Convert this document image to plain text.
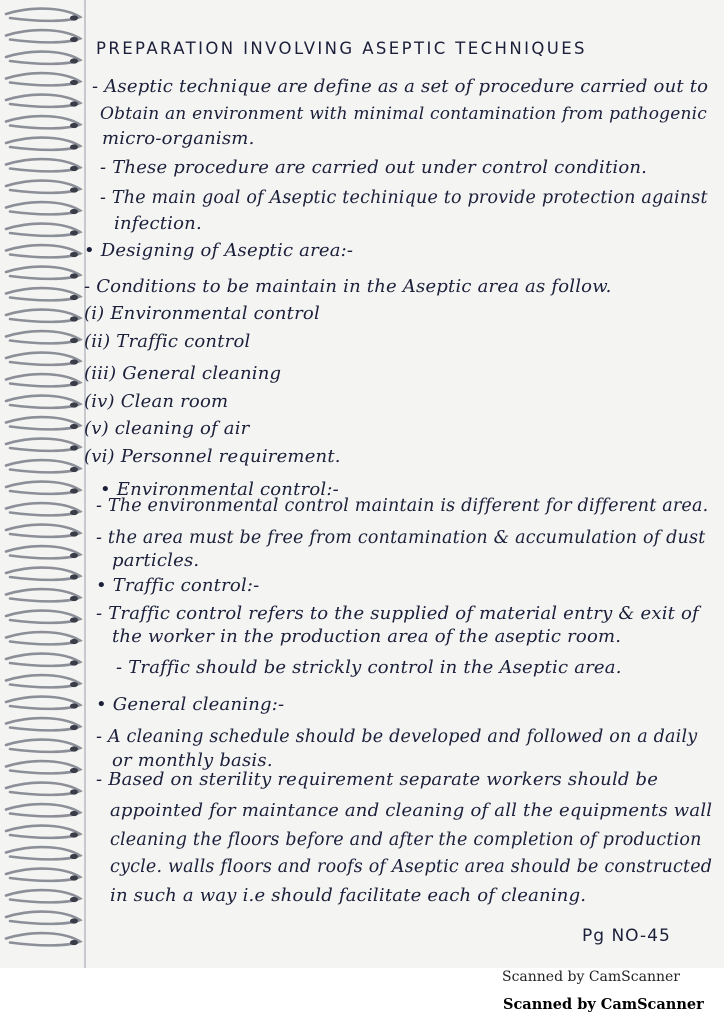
PREPARATION INVOLVING ASEPTIC TECHNIQUES
- Aseptic technique are define as a set of procedure carried out to
Obtain an environment with minimal contamination from pathogenic
micro-organism.
- These procedure are carried out under control condition.
- The main goal of Aseptic techinique to provide protection against
infection.
• Designing of Aseptic area:-
- Conditions to be maintain in the Aseptic area as follow.
(i) Environmental control
(ii) Traffic control
(iii) General cleaning
(iv) Clean room
(v) cleaning of air
(vi) Personnel requirement.
• Environmental control:-
- The environmental control maintain is different for different area.
- the area must be free from contamination & accumulation of dust
particles.
• Traffic control:-
- Traffic control refers to the supplied of material entry & exit of
the worker in the production area of the aseptic room.
- Traffic should be strickly control in the Aseptic area.
• General cleaning:-
- A cleaning schedule should be developed and followed on a daily
or monthly basis.
- Based on sterility requirement separate workers should be
appointed for maintance and cleaning of all the equipments wall
cleaning the floors before and after the completion of production
cycle. walls floors and roofs of Aseptic area should be constructed
in such a way i.e should facilitate each of cleaning.
Pg NO-45
Scanned by CamScanner
Scanned by CamScanner
